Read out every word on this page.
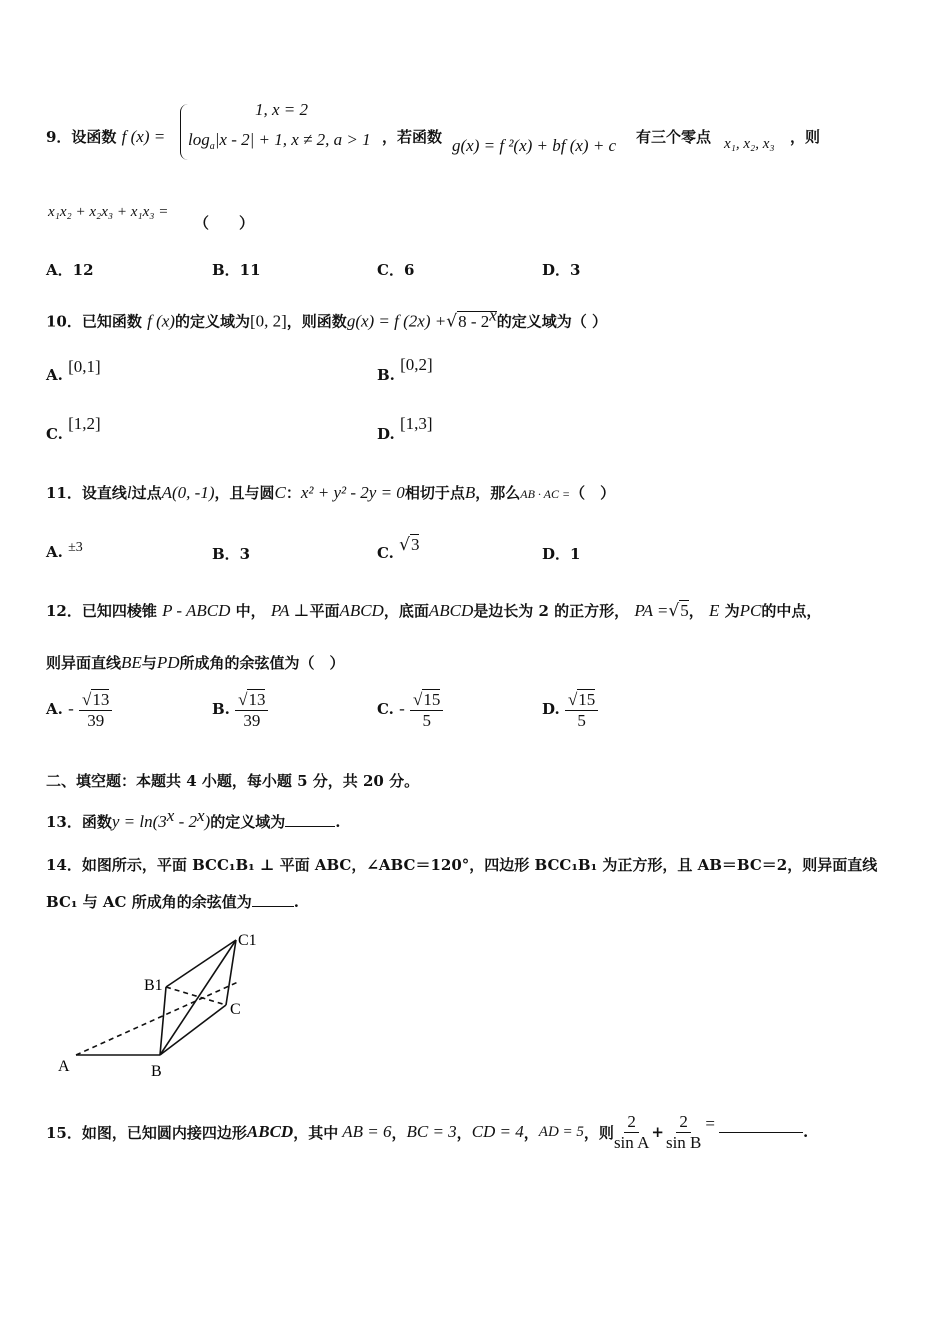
9．设函数 f (x) =
1, x = 2
$\log_a|x - 2| + 1$, x ≠ 2, a > 1 ，若函数 g(x) = f ²(x) + bf (x) + c 有三个零点 x₁, x₂, x₃ ，则
x₁x₂ + x₂x₃ + x₁x₃ =
（　　）
A．12	B．11	C．6	D．3
10．已知函数 f (x)的定义域为[0, 2]，则函数g(x) = f (2x) +√8 - 2$^x$的定义域为（ ）
A. [0,1]	B. [0,2]
C. [1,2]
D. [1,3]
11．设直线l过点A(0, -1)，且与圆C：x² + y² - 2y = 0相切于点B，那么AB · AC =（　）
A. ±3	B．3	C. √3	D．1
12．已知四棱锥 P - ABCD 中， PA ⊥平面ABCD，底面ABCD是边长为 2 的正方形， PA =√5， E 为PC的中点，
则异面直线BE与PD所成角的余弦值为（　）
A. - $\frac{√13}{39}$	B. $\frac{√13}{39}$	C. - $\frac{√15}{5}$	D. $\frac{√15}{5}$
二、填空题：本题共 4 小题，每小题 5 分，共 20 分。
13．函数$y = \ln(3^x - 2^x)$的定义域为	.
14．如图所示，平面 BCC₁B₁ ⊥ 平面 ABC，∠ABC＝120°，四边形 BCC₁B₁ 为正方形，且 AB＝BC＝2，则异面直线
BC₁ 与 AC 所成角的余弦值为	.
A	B
C
B1
C1
15．如图，已知圆内接四边形 ABCD ，其中 AB = 6 ， BC = 3 ， CD = 4 ， AD = 5 ，则 $\frac{2}{\text{sin A}} + \frac{2}{\text{sin B}}$ =	.
